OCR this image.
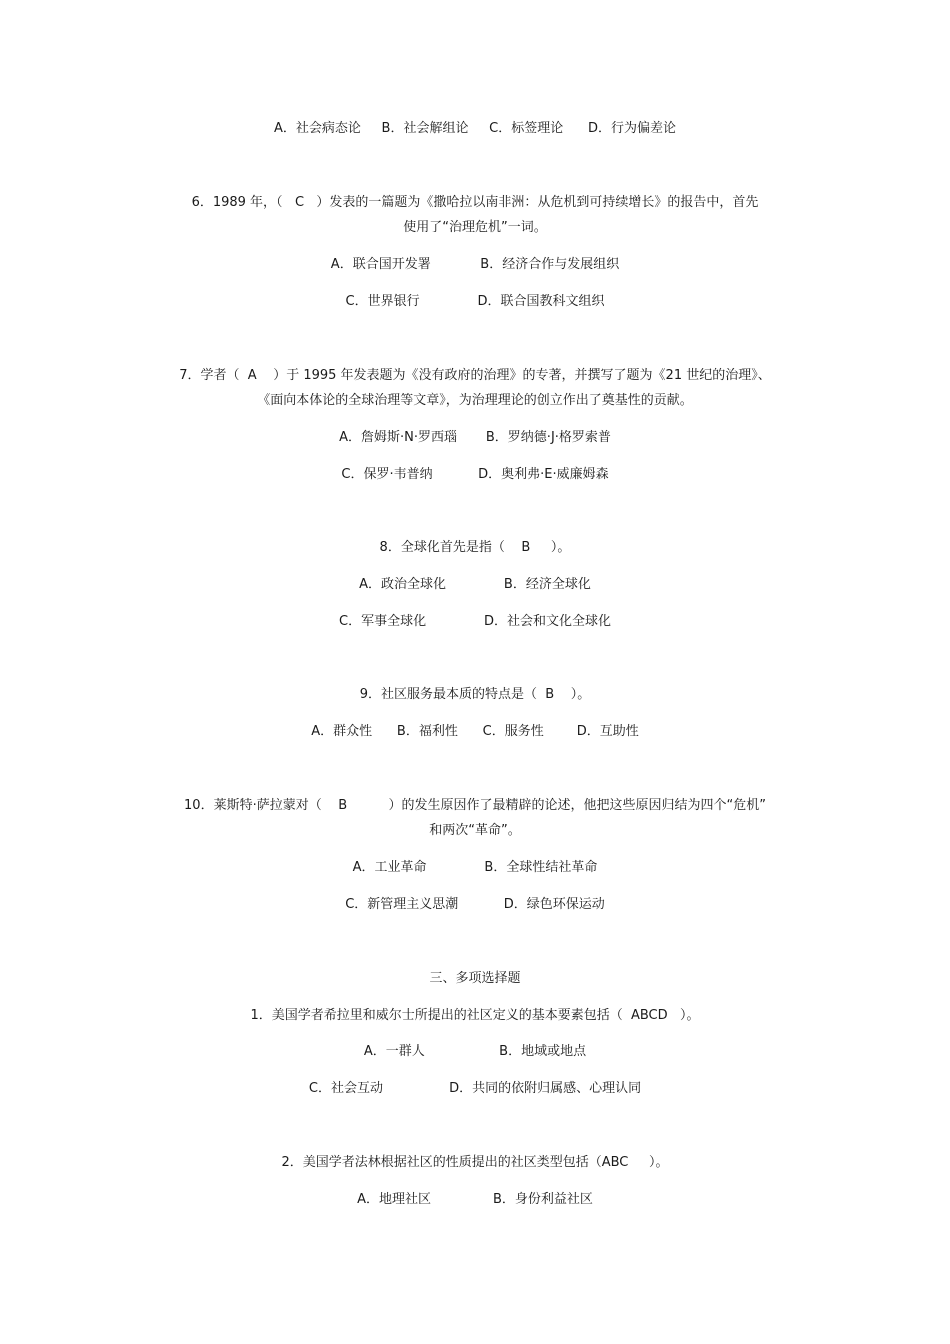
A．社会病态论     B．社会解组论     C．标签理论      D．行为偏差论
6．1989 年，（   C   ）发表的一篇题为《撒哈拉以南非洲：从危机到可持续增长》的报告中，首先
使用了“治理危机”一词。
A．联合国开发署            B．经济合作与发展组织
C．世界银行              D．联合国教科文组织
7．学者（  A    ）于 1995 年发表题为《没有政府的治理》的专著，并撰写了题为《21 世纪的治理》、
《面向本体论的全球治理等文章》，为治理理论的创立作出了奠基性的贡献。
A．詹姆斯·N·罗西瑙       B．罗纳德·J·格罗索普
C．保罗·韦普纳           D．奥利弗·E·威廉姆森
8．全球化首先是指（    B     ）。
A．政治全球化              B．经济全球化
C．军事全球化              D．社会和文化全球化
9．社区服务最本质的特点是（  B    ）。
A．群众性      B．福利性      C．服务性        D．互助性
10．莱斯特·萨拉蒙对（    B          ）的发生原因作了最精辟的论述，他把这些原因归结为四个“危机”
和两次“革命”。
A．工业革命              B．全球性结社革命
C．新管理主义思潮           D．绿色环保运动
三、多项选择题
1．美国学者希拉里和威尔士所提出的社区定义的基本要素包括（  ABCD   ）。
A．一群人                  B．地域或地点
C．社会互动                D．共同的依附归属感、心理认同
2．美国学者法林根据社区的性质提出的社区类型包括（ABC     ）。
A．地理社区               B．身份利益社区
